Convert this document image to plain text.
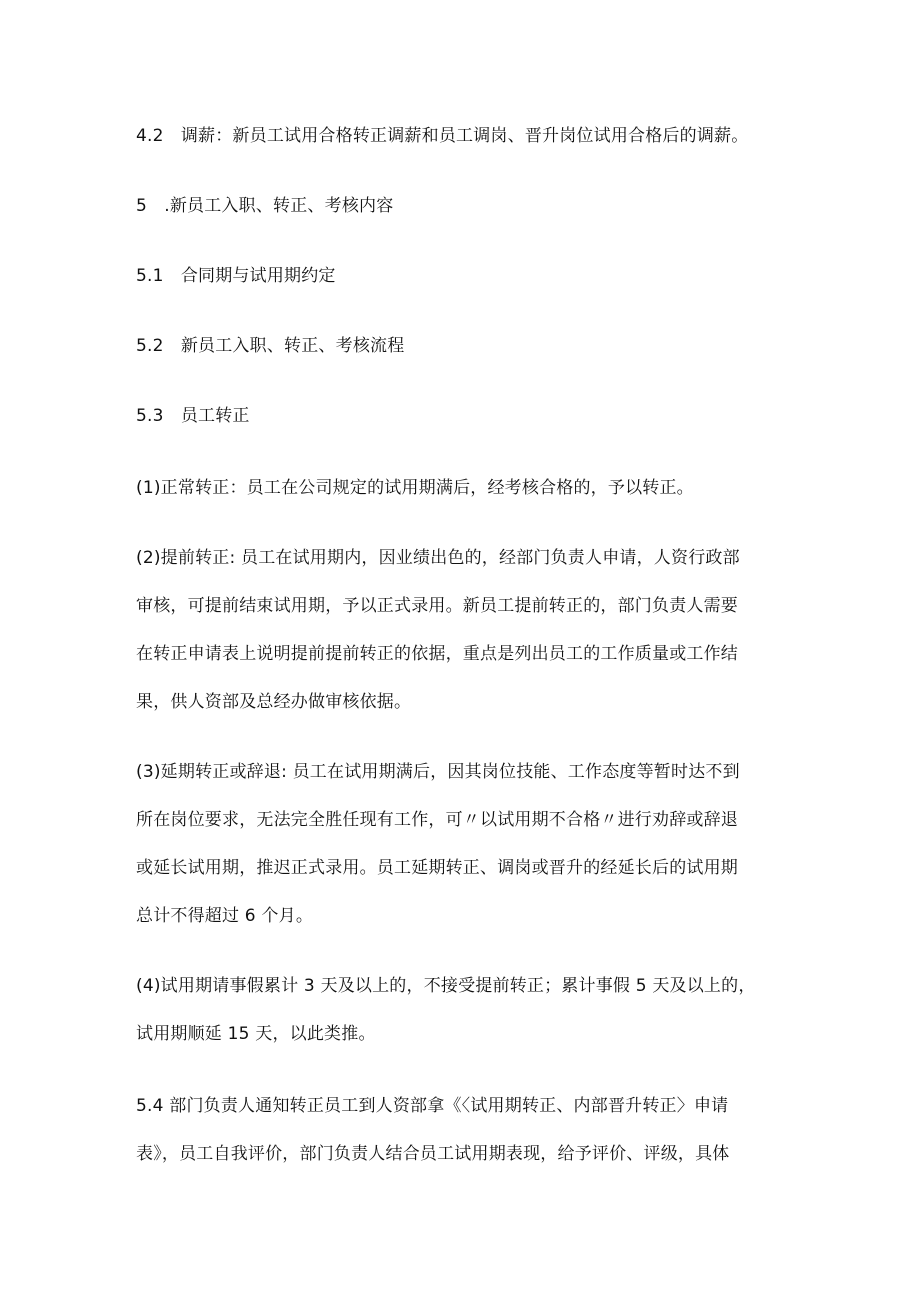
4.2　调薪：新员工试用合格转正调薪和员工调岗、晋升岗位试用合格后的调薪。
5　.新员工入职、转正、考核内容
5.1　合同期与试用期约定
5.2　新员工入职、转正、考核流程
5.3　员工转正
(1)正常转正：员工在公司规定的试用期满后，经考核合格的，予以转正。
(2)提前转正: 员工在试用期内，因业绩出色的，经部门负责人申请，人资行政部
审核，可提前结束试用期，予以正式录用。新员工提前转正的，部门负责人需要
在转正申请表上说明提前提前转正的依据，重点是列出员工的工作质量或工作结
果，供人资部及总经办做审核依据。
(3)延期转正或辞退: 员工在试用期满后，因其岗位技能、工作态度等暂时达不到
所在岗位要求，无法完全胜任现有工作，可〃以试用期不合格〃进行劝辞或辞退
或延长试用期，推迟正式录用。员工延期转正、调岗或晋升的经延长后的试用期
总计不得超过 6 个月。
(4)试用期请事假累计 3 天及以上的，不接受提前转正；累计事假 5 天及以上的，
试用期顺延 15 天，以此类推。
5.4 部门负责人通知转正员工到人资部拿《〈试用期转正、内部晋升转正〉申请
表》，员工自我评价，部门负责人结合员工试用期表现，给予评价、评级，具体
